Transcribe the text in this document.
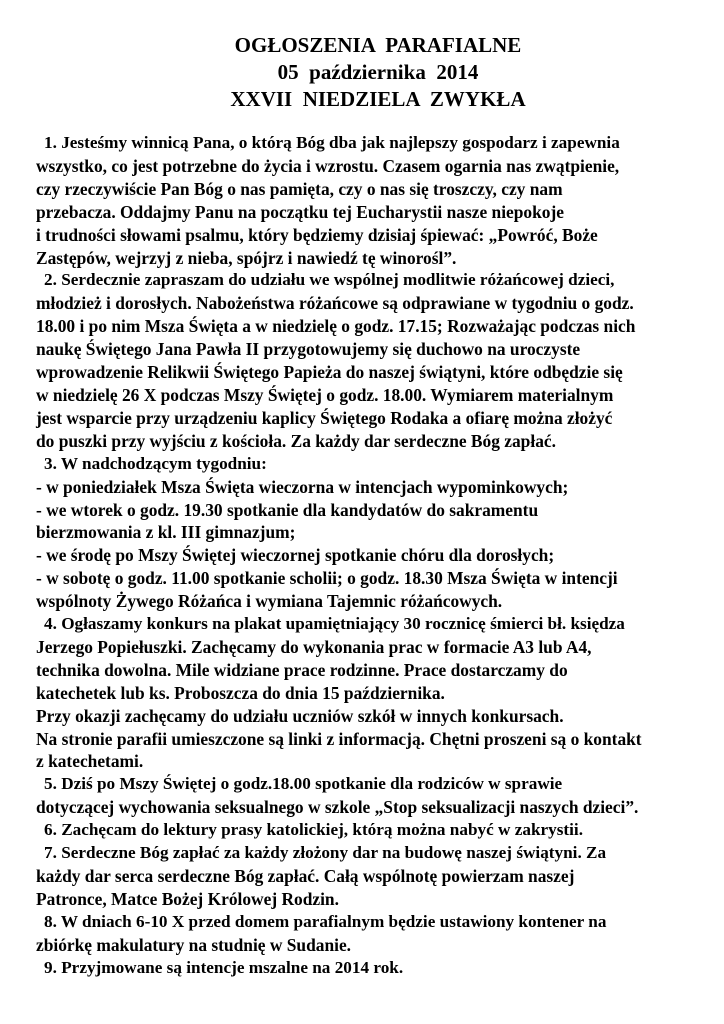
OGŁOSZENIA  PARAFIALNE
05  października  2014
XXVII  NIEDZIELA  ZWYKŁA
1. Jesteśmy winnicą Pana, o którą Bóg dba jak najlepszy gospodarz i zapewnia
wszystko, co jest potrzebne do życia i wzrostu. Czasem ogarnia nas zwątpienie,
czy rzeczywiście Pan Bóg o nas pamięta, czy o nas się troszczy, czy nam
przebacza. Oddajmy Panu na początku tej Eucharystii nasze niepokoje
i trudności słowami psalmu, który będziemy dzisiaj śpiewać: „Powróć, Boże
Zastępów, wejrzyj z nieba, spójrz i nawiedź tę winorośl”.
2. Serdecznie zapraszam do udziału we wspólnej modlitwie różańcowej dzieci,
młodzież i dorosłych. Nabożeństwa różańcowe są odprawiane w tygodniu o godz.
18.00 i po nim Msza Święta a w niedzielę o godz. 17.15; Rozważając podczas nich
naukę Świętego Jana Pawła II przygotowujemy się duchowo na uroczyste
wprowadzenie Relikwii Świętego Papieża do naszej świątyni, które odbędzie się
w niedzielę 26 X podczas Mszy Świętej o godz. 18.00. Wymiarem materialnym
jest wsparcie przy urządzeniu kaplicy Świętego Rodaka a ofiarę można złożyć
do puszki przy wyjściu z kościoła. Za każdy dar serdeczne Bóg zapłać.
3. W nadchodzącym tygodniu:
- w poniedziałek Msza Święta wieczorna w intencjach wypominkowych;
- we wtorek o godz. 19.30 spotkanie dla kandydatów do sakramentu
bierzmowania z kl. III gimnazjum;
- we środę po Mszy Świętej wieczornej spotkanie chóru dla dorosłych;
- w sobotę o godz. 11.00 spotkanie scholii; o godz. 18.30 Msza Święta w intencji
wspólnoty Żywego Różańca i wymiana Tajemnic różańcowych.
4. Ogłaszamy konkurs na plakat upamiętniający 30 rocznicę śmierci bł. księdza
Jerzego Popiełuszki. Zachęcamy do wykonania prac w formacie A3 lub A4,
technika dowolna. Mile widziane prace rodzinne. Prace dostarczamy do
katechetek lub ks. Proboszcza do dnia 15 października.
Przy okazji zachęcamy do udziału uczniów szkół w innych konkursach.
Na stronie parafii umieszczone są linki z informacją. Chętni proszeni są o kontakt
z katechetami.
5. Dziś po Mszy Świętej o godz.18.00 spotkanie dla rodziców w sprawie
dotyczącej wychowania seksualnego w szkole „Stop seksualizacji naszych dzieci”.
6. Zachęcam do lektury prasy katolickiej, którą można nabyć w zakrystii.
7. Serdeczne Bóg zapłać za każdy złożony dar na budowę naszej świątyni. Za
każdy dar serca serdeczne Bóg zapłać. Całą wspólnotę powierzam naszej
Patronce, Matce Bożej Królowej Rodzin.
8. W dniach 6-10 X przed domem parafialnym będzie ustawiony kontener na
zbiórkę makulatury na studnię w Sudanie.
9. Przyjmowane są intencje mszalne na 2014 rok.
